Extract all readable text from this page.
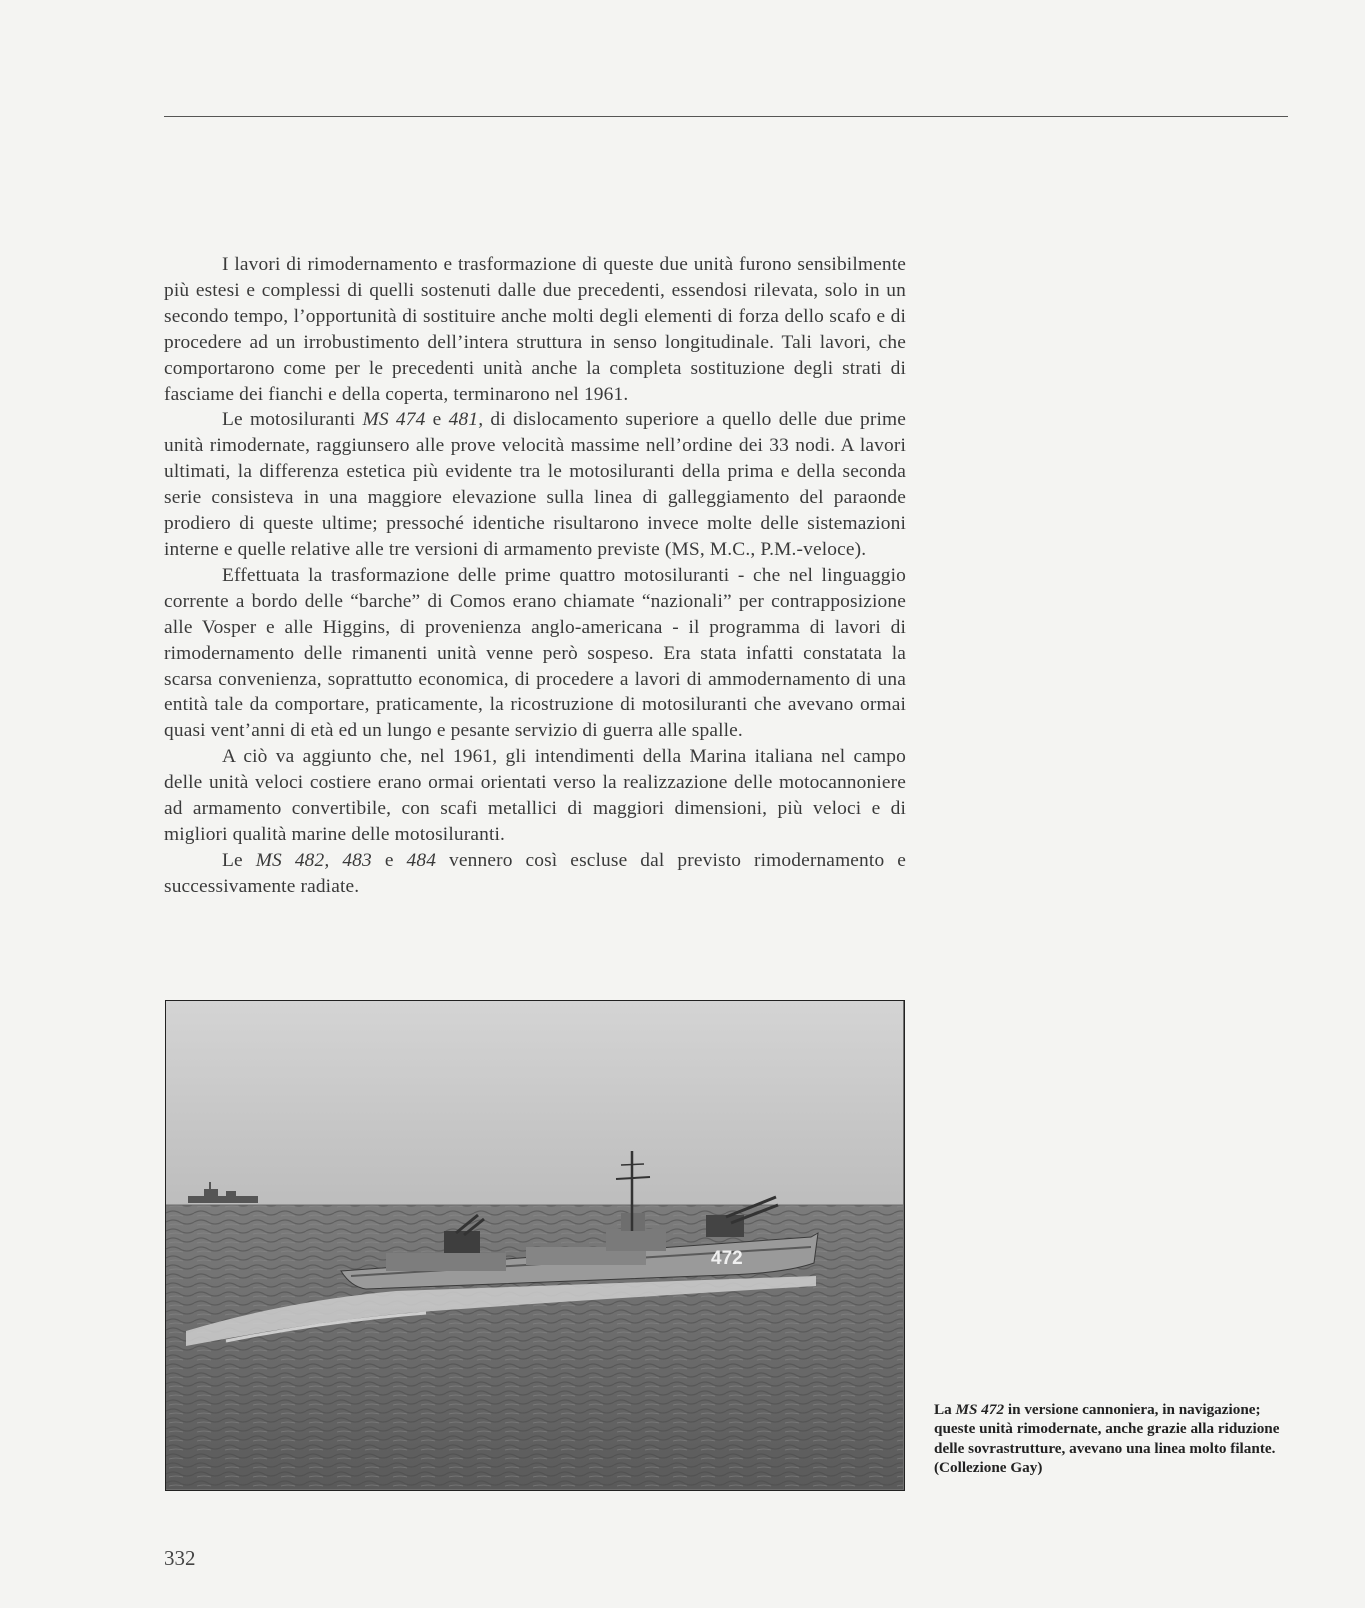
I lavori di rimodernamento e trasformazione di queste due unità furono sensibilmente più estesi e complessi di quelli sostenuti dalle due precedenti, essendosi rilevata, solo in un secondo tempo, l’opportunità di sostituire anche molti degli elementi di forza dello scafo e di procedere ad un irrobustimento dell’intera struttura in senso longitudinale. Tali lavori, che comportarono come per le precedenti unità anche la completa sostituzione degli strati di fasciame dei fianchi e della coperta, terminarono nel 1961.

Le motosiluranti MS 474 e 481, di dislocamento superiore a quello delle due prime unità rimodernate, raggiunsero alle prove velocità massime nell’ordine dei 33 nodi. A lavori ultimati, la differenza estetica più evidente tra le motosiluranti della prima e della seconda serie consisteva in una maggiore elevazione sulla linea di galleggiamento del paraonde prodiero di queste ultime; pressoché identiche risultarono invece molte delle sistemazioni interne e quelle relative alle tre versioni di armamento previste (MS, M.C., P.M.-veloce).

Effettuata la trasformazione delle prime quattro motosiluranti - che nel linguaggio corrente a bordo delle “barche” di Comos erano chiamate “nazionali” per contrapposizione alle Vosper e alle Higgins, di provenienza anglo-americana - il programma di lavori di rimodernamento delle rimanenti unità venne però sospeso. Era stata infatti constatata la scarsa convenienza, soprattutto economica, di procedere a lavori di ammodernamento di una entità tale da comportare, praticamente, la ricostruzione di motosiluranti che avevano ormai quasi vent’anni di età ed un lungo e pesante servizio di guerra alle spalle.

A ciò va aggiunto che, nel 1961, gli intendimenti della Marina italiana nel campo delle unità veloci costiere erano ormai orientati verso la realizzazione delle motocannoniere ad armamento convertibile, con scafi metallici di maggiori dimensioni, più veloci e di migliori qualità marine delle motosiluranti.

Le MS 482, 483 e 484 vennero così escluse dal previsto rimodernamento e successivamente radiate.

472
La MS 472 in versione cannoniera, in navigazione; queste unità rimodernate, anche grazie alla riduzione delle sovrastrutture, avevano una linea molto filante. (Collezione Gay)
332
